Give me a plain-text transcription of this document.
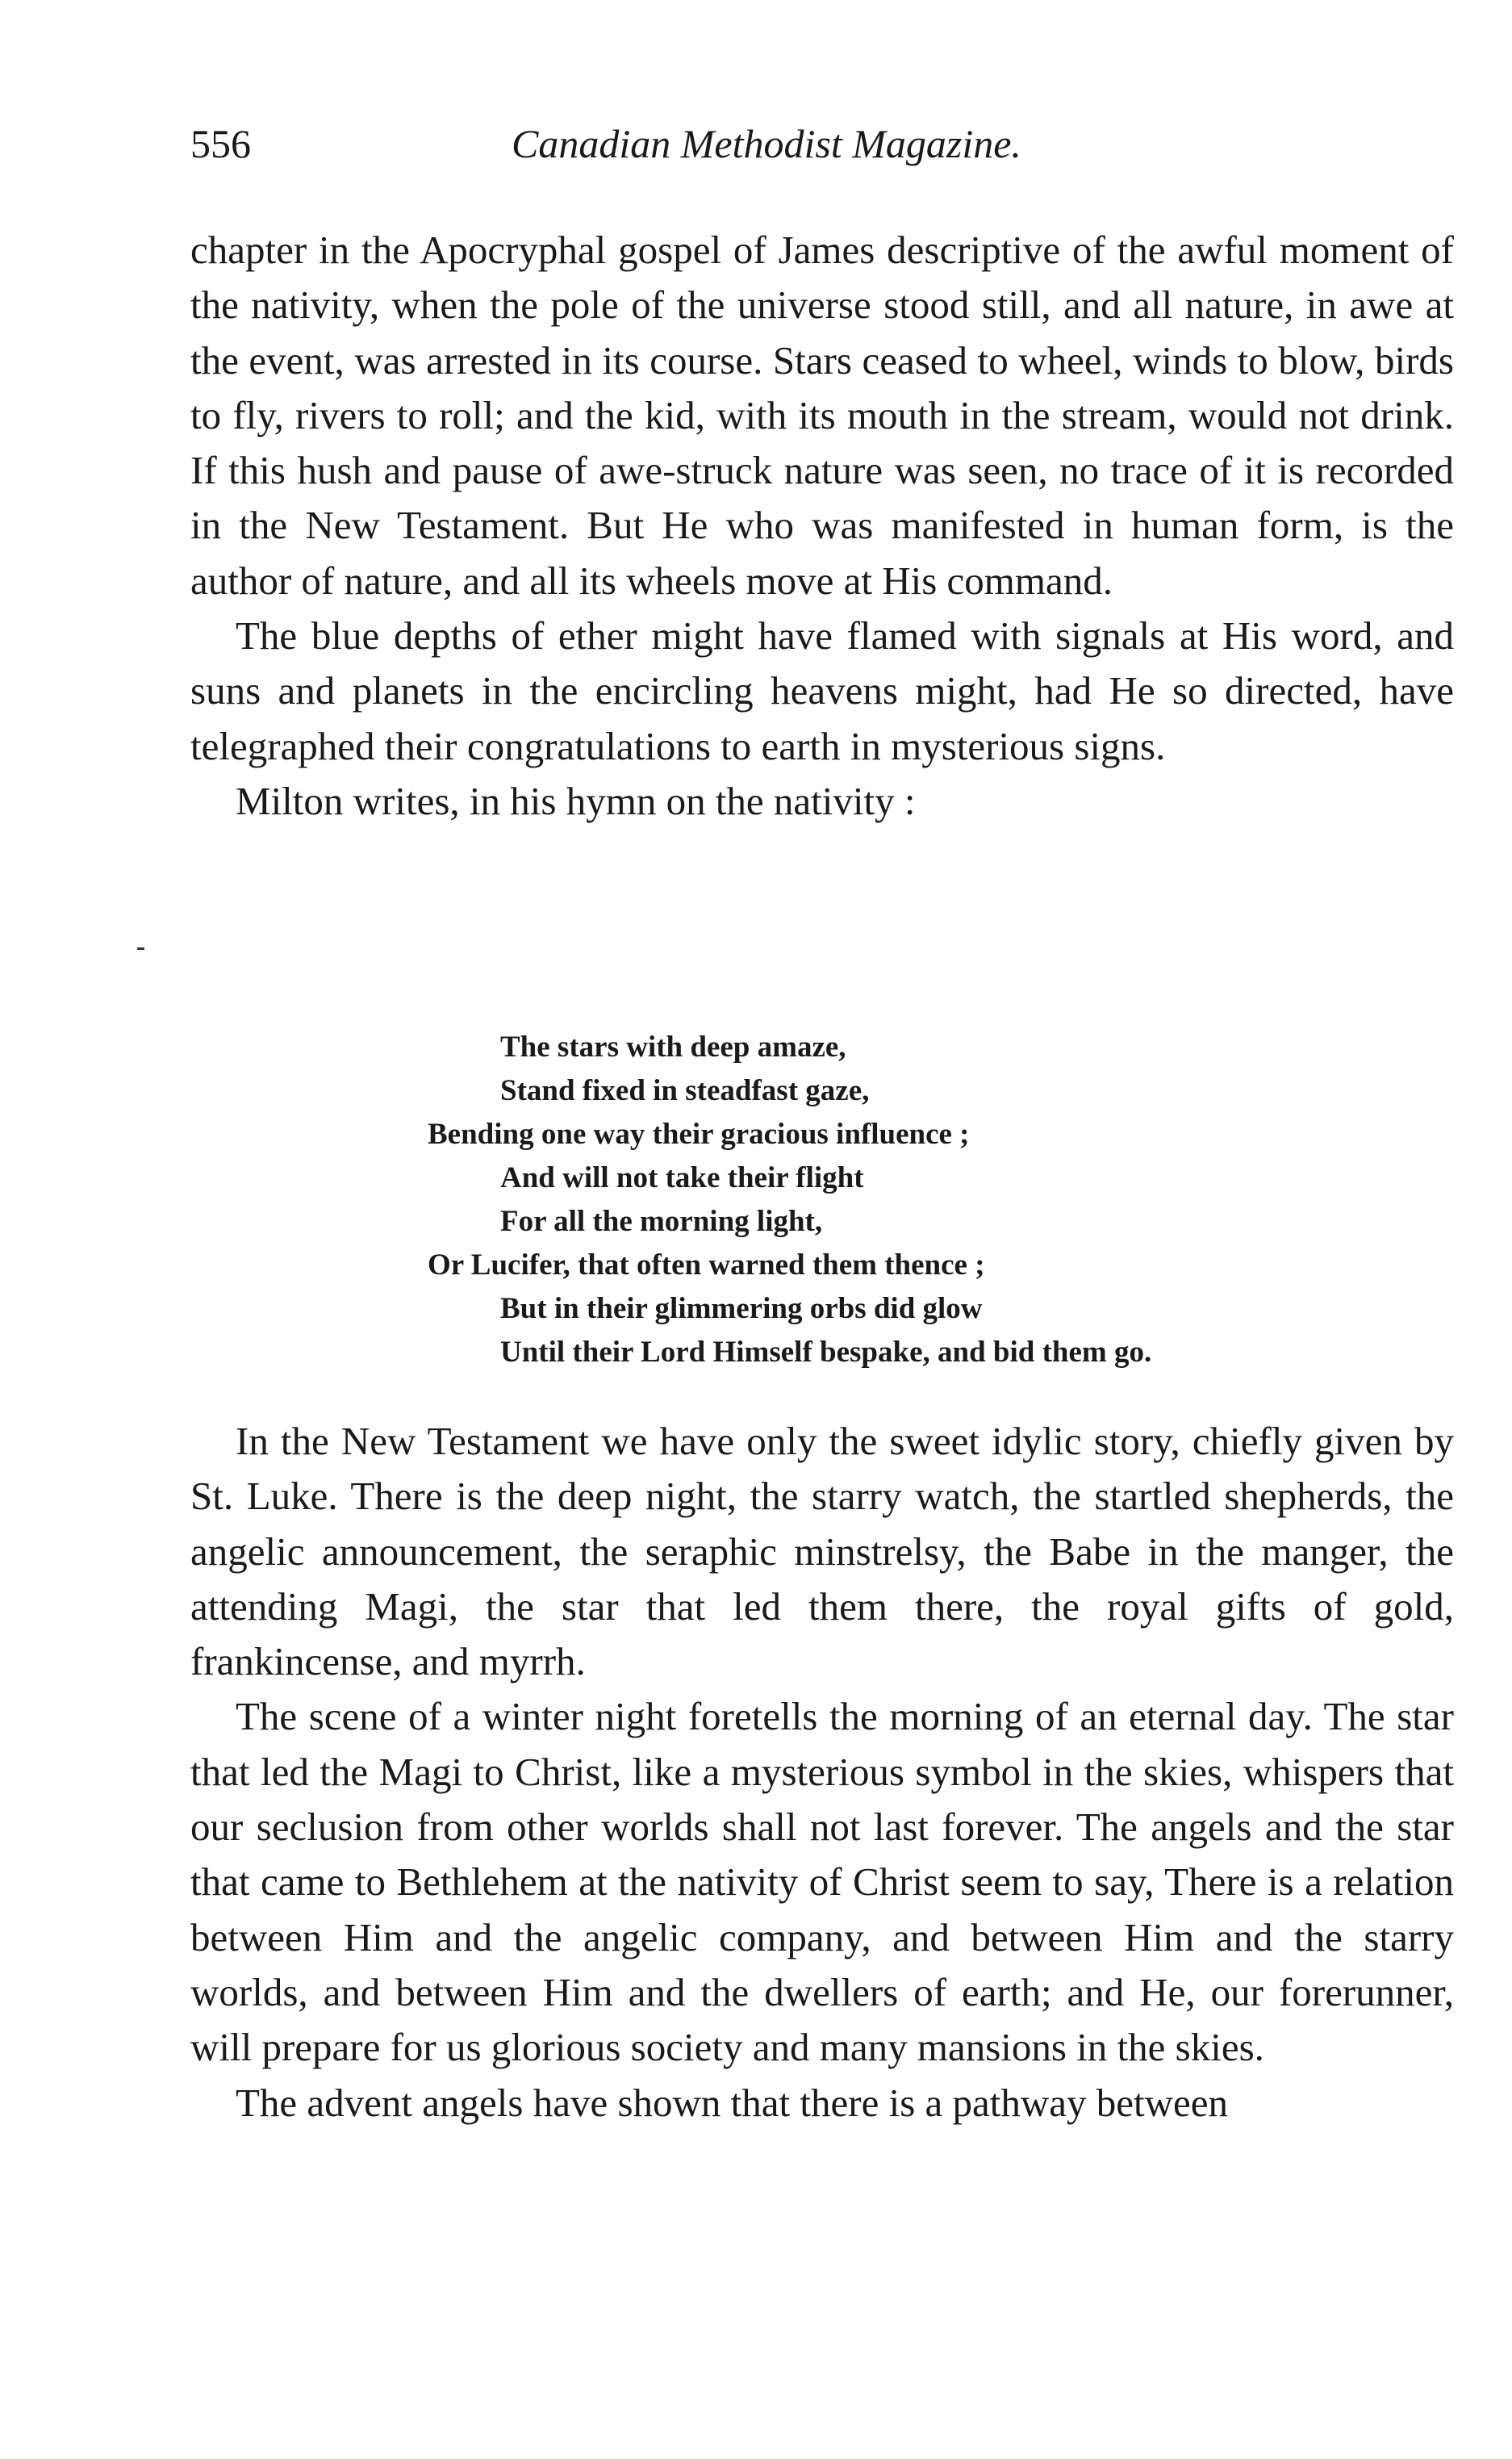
556	Canadian Methodist Magazine.

chapter in the Apocryphal gospel of James descriptive of the awful moment of the nativity, when the pole of the universe stood still, and all nature, in awe at the event, was arrested in its course. Stars ceased to wheel, winds to blow, birds to fly, rivers to roll; and the kid, with its mouth in the stream, would not drink. If this hush and pause of awe-struck nature was seen, no trace of it is recorded in the New Testament. But He who was manifested in human form, is the author of nature, and all its wheels move at His command.

The blue depths of ether might have flamed with signals at His word, and suns and planets in the encircling heavens might, had He so directed, have telegraphed their congratulations to earth in mysterious signs.

Milton writes, in his hymn on the nativity :

The stars with deep amaze,
Stand fixed in steadfast gaze,
Bending one way their gracious influence ;
And will not take their flight
For all the morning light,
Or Lucifer, that often warned them thence ;
But in their glimmering orbs did glow
Until their Lord Himself bespake, and bid them go.

In the New Testament we have only the sweet idylic story, chiefly given by St. Luke. There is the deep night, the starry watch, the startled shepherds, the angelic announcement, the seraphic minstrelsy, the Babe in the manger, the attending Magi, the star that led them there, the royal gifts of gold, frankincense, and myrrh.

The scene of a winter night foretells the morning of an eternal day. The star that led the Magi to Christ, like a mysterious symbol in the skies, whispers that our seclusion from other worlds shall not last forever. The angels and the star that came to Bethlehem at the nativity of Christ seem to say, There is a relation between Him and the angelic company, and between Him and the starry worlds, and between Him and the dwellers of earth; and He, our forerunner, will prepare for us glorious society and many mansions in the skies.

The advent angels have shown that there is a pathway between
